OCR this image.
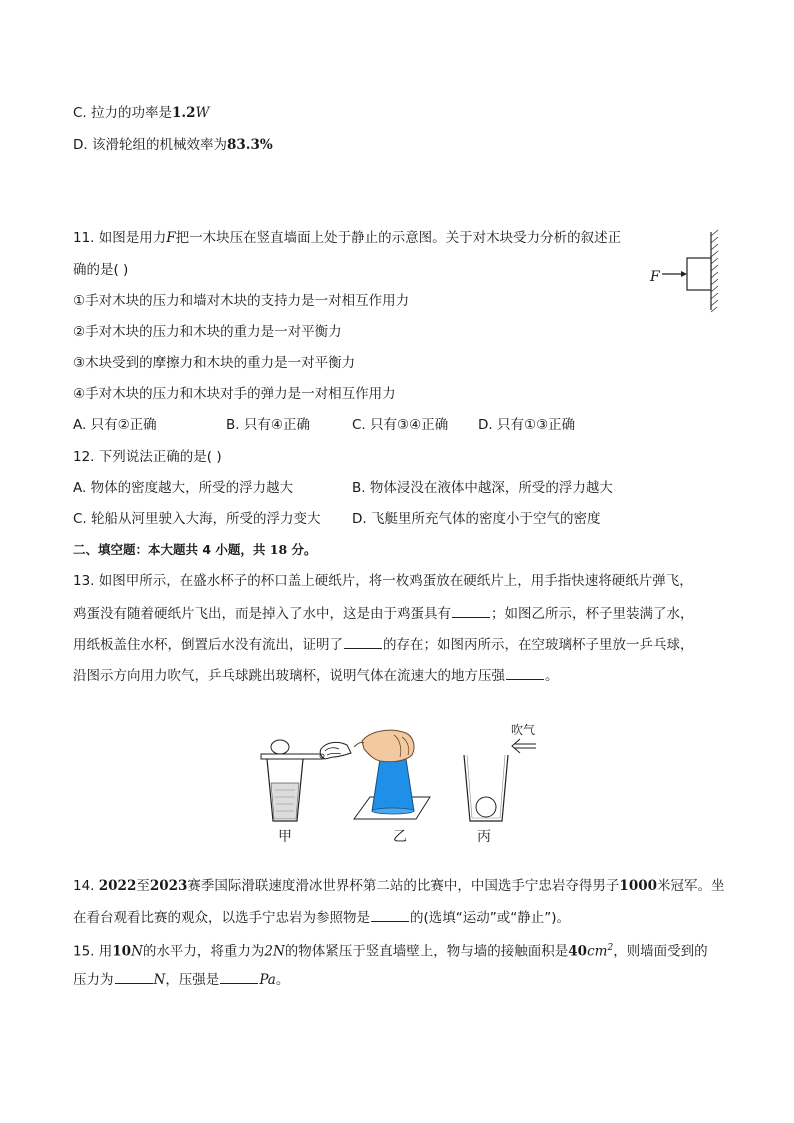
C. 拉力的功率是1.2W
D. 该滑轮组的机械效率为83.3%
11. 如图是用力F把一木块压在竖直墙面上处于静止的示意图。关于对木块受力分析的叙述正
确的是( )
①手对木块的压力和墙对木块的支持力是一对相互作用力
②手对木块的压力和木块的重力是一对平衡力
③木块受到的摩擦力和木块的重力是一对平衡力
④手对木块的压力和木块对手的弹力是一对相互作用力
A. 只有②正确	B. 只有④正确	C. 只有③④正确 D. 只有①③正确
F
12. 下列说法正确的是( )
A. 物体的密度越大，所受的浮力越大	B. 物体浸没在液体中越深，所受的浮力越大
C. 轮船从河里驶入大海，所受的浮力变大 D. 飞艇里所充气体的密度小于空气的密度
二、填空题：本大题共 4 小题，共 18 分。
13. 如图甲所示，在盛水杯子的杯口盖上硬纸片，将一枚鸡蛋放在硬纸片上，用手指快速将硬纸片弹飞，
鸡蛋没有随着硬纸片飞出，而是掉入了水中，这是由于鸡蛋具有	；如图乙所示，杯子里装满了水，
用纸板盖住水杯，倒置后水没有流出，证明了	的存在；如图丙所示，在空玻璃杯子里放一乒乓球，
沿图示方向用力吹气，乒乓球跳出玻璃杯，说明气体在流速大的地方压强	。
甲	乙
吹气
丙
14. 2022至2023赛季国际滑联速度滑冰世界杯第二站的比赛中，中国选手宁忠岩夺得男子1000米冠军。坐
在看台观看比赛的观众，以选手宁忠岩为参照物是	的(选填“运动”或“静止”)。
15. 用10N的水平力，将重力为2N的物体紧压于竖直墙壁上，物与墙的接触面积是$40cm^2$，则墙面受到的
压力为	N，压强是	Pa。
